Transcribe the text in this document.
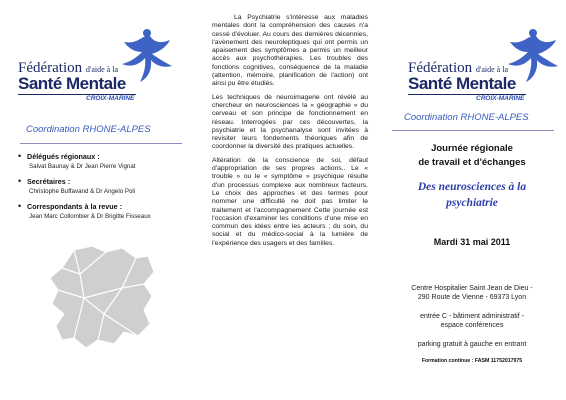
Fédération d'aide à la
Santé Mentale
CROIX-MARINE
Coordination RHONE-ALPES
• Délégués régionaux :
Salvat Baunay & Dr Jean Pierre Vignat
• Secrétaires :
Christophe Buffavand & Dr Angelo Poli
• Correspondants à la revue :
Jean Marc Collombier & Dr Brigitte Fisseaux

La Psychiatrie s'intéresse aux maladies mentales dont la compréhension des causes n'a cessé d'évoluer. Au cours des dernières décennies, l'avènement des neuroleptiques qui ont permis un apaisement des symptômes a permis un meilleur accès aux psychothérapies. Les troubles des fonctions cognitives, conséquence de la maladie (attention, mémoire, planification de l'action) ont ainsi pu être étudiés.

Les techniques de neuroimagerie ont révélé au chercheur en neurosciences la « géographie » du cerveau et son principe de fonctionnement en réseau. Interrogées par ces découvertes, la psychiatrie et la psychanalyse sont invitées à revisiter leurs fondements théoriques afin de coordonner la diversité des pratiques actuelles.

Altération de la conscience de soi, défaut d'appropriation de ses propres actions.. Le « trouble » ou le « symptôme » psychique résulte d'un processus complexe aux nombreux facteurs. Le choix des approches et des termes pour nommer une difficulté ne doit pas limiter le traitement et l'accompagnement Cette journée est l'occasion d'examiner les conditions d'une mise en commun des idées entre les acteurs : du soin, du social et du médico-social à la lumière de l'expérience des usagers et des familles.

Fédération d'aide à la
Santé Mentale
CROIX-MARINE
Coordination RHONE-ALPES
Journée régionale
de travail et d'échanges
Des neurosciences à la
psychiatrie
Mardi 31 mai 2011
Centre Hospitalier Saint Jean de Dieu -
290 Route de Vienne - 69373 Lyon
entrée C - bâtiment administratif -
espace conférences
parking gratuit à gauche en entrant
Formation continue : FASM 11752017975
